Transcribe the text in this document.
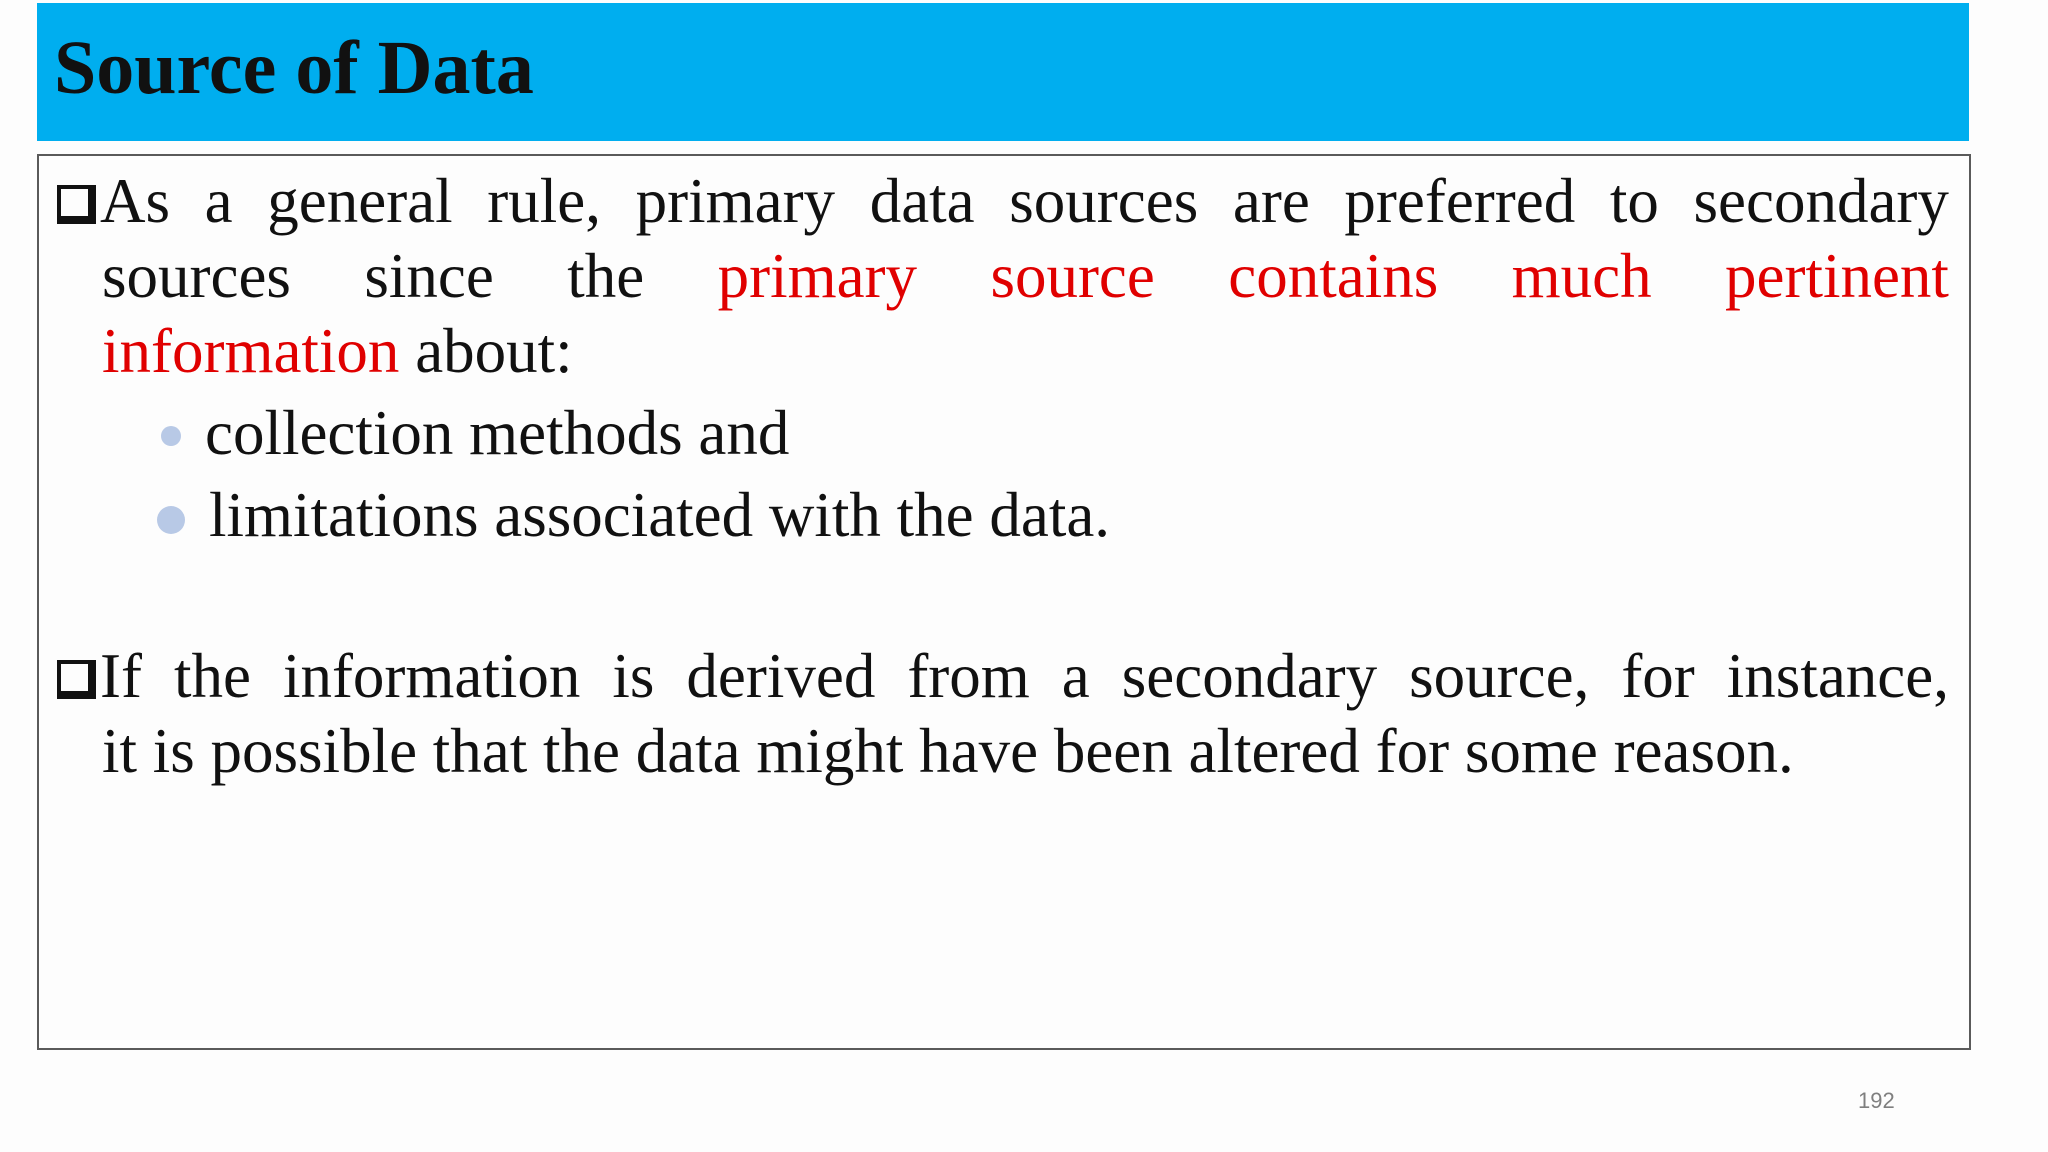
Source of Data
As a general rule, primary data sources are preferred to secondary
sources since the primary source contains much pertinent
information about:
collection methods and
limitations associated with the data.
If the information is derived from a secondary source, for instance,
it is possible that the data might have been altered for some reason.
192
